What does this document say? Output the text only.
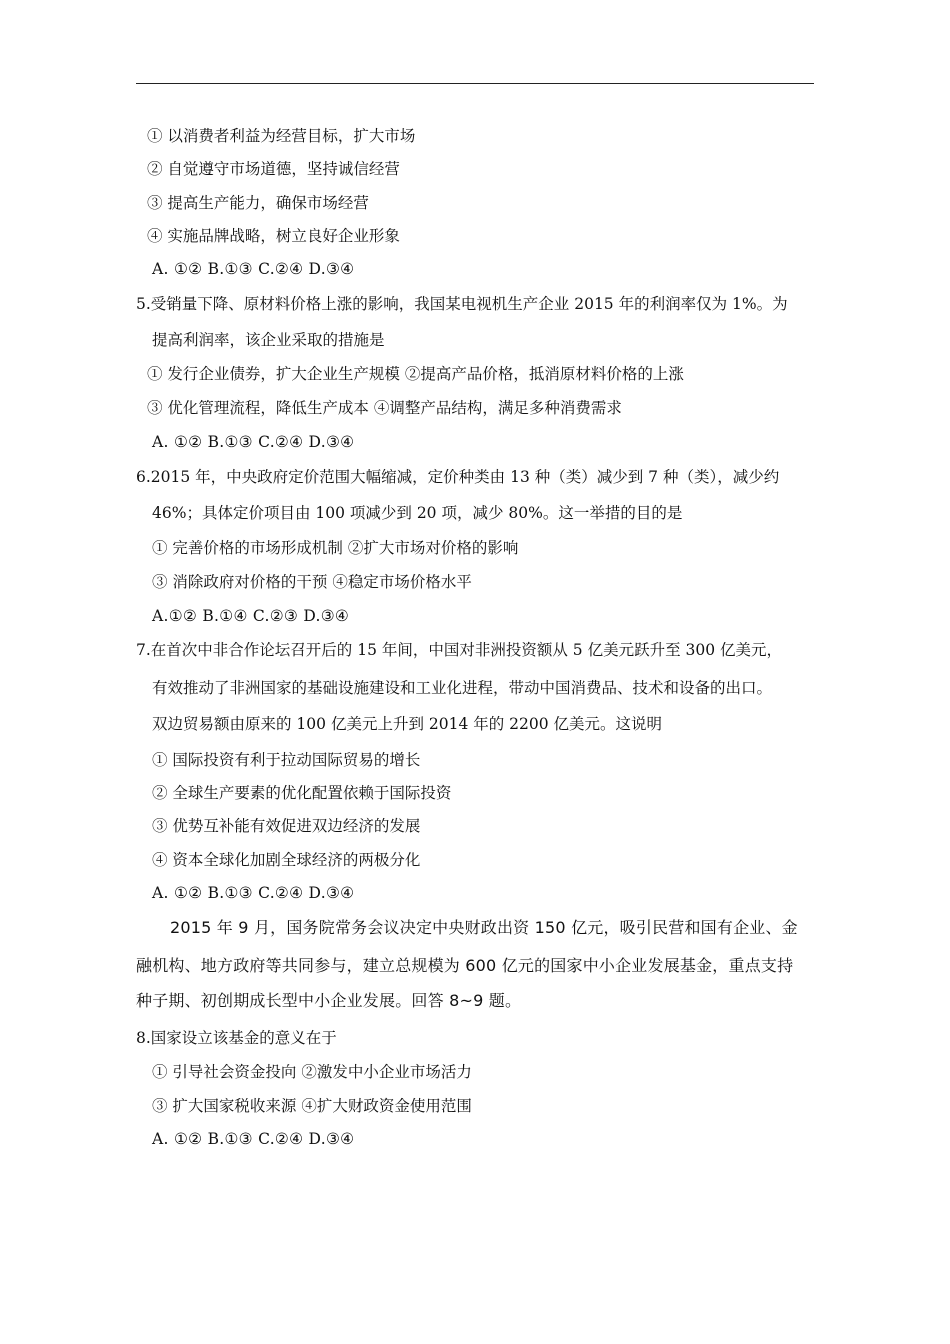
① 以消费者利益为经营目标，扩大市场
② 自觉遵守市场道德，坚持诚信经营
③ 提高生产能力，确保市场经营
④ 实施品牌战略，树立良好企业形象
A. ①② B.①③ C.②④ D.③④
5.受销量下降、原材料价格上涨的影响，我国某电视机生产企业 2015 年的利润率仅为 1%。为
提高利润率，该企业采取的措施是
① 发行企业债券，扩大企业生产规模 ②提高产品价格，抵消原材料价格的上涨
③ 优化管理流程，降低生产成本 ④调整产品结构，满足多种消费需求
A. ①② B.①③ C.②④ D.③④
6.2015 年，中央政府定价范围大幅缩减，定价种类由 13 种（类）减少到 7 种（类），减少约
46%；具体定价项目由 100 项减少到 20 项，减少 80%。这一举措的目的是
① 完善价格的市场形成机制 ②扩大市场对价格的影响
③ 消除政府对价格的干预 ④稳定市场价格水平
A.①② B.①④ C.②③ D.③④
7.在首次中非合作论坛召开后的 15 年间，中国对非洲投资额从 5 亿美元跃升至 300 亿美元，
有效推动了非洲国家的基础设施建设和工业化进程，带动中国消费品、技术和设备的出口。
双边贸易额由原来的 100 亿美元上升到 2014 年的 2200 亿美元。这说明
① 国际投资有利于拉动国际贸易的增长
② 全球生产要素的优化配置依赖于国际投资
③ 优势互补能有效促进双边经济的发展
④ 资本全球化加剧全球经济的两极分化
A. ①② B.①③ C.②④ D.③④
2015 年 9 月，国务院常务会议决定中央财政出资 150 亿元，吸引民营和国有企业、金
融机构、地方政府等共同参与，建立总规模为 600 亿元的国家中小企业发展基金，重点支持
种子期、初创期成长型中小企业发展。回答 8~9 题。
8.国家设立该基金的意义在于
① 引导社会资金投向 ②激发中小企业市场活力
③ 扩大国家税收来源 ④扩大财政资金使用范围
A. ①② B.①③ C.②④ D.③④
